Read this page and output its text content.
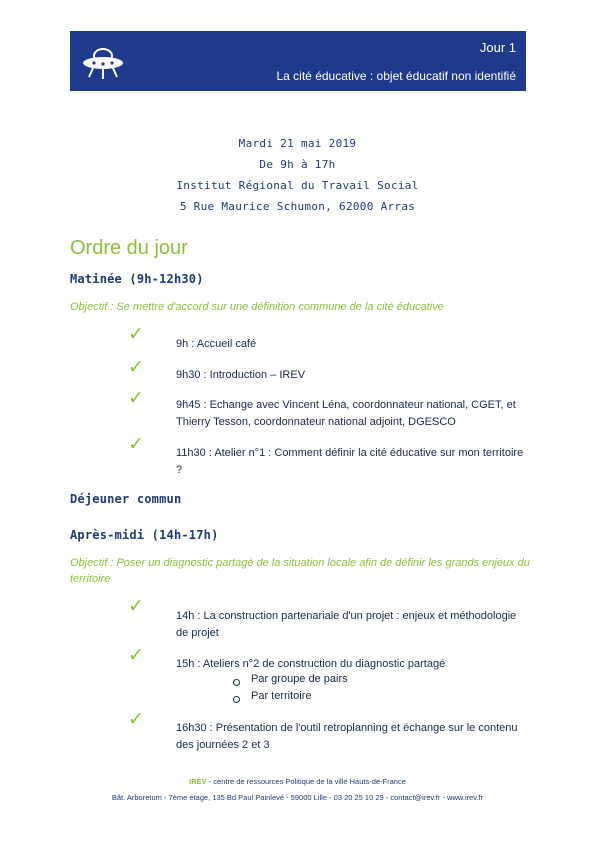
Jour 1
La cité éducative : objet éducatif non identifié
Mardi 21 mai 2019
De 9h à 17h
Institut Régional du Travail Social
5 Rue Maurice Schumon, 62000 Arras
Ordre du jour
Matinée (9h-12h30)
Objectif : Se mettre d'accord sur une définition commune de la cité éducative
✓	9h : Accueil café
✓	9h30 : Introduction – IREV
✓	9h45 : Echange avec Vincent Léna, coordonnateur national, CGET, et Thierry Tesson, coordonnateur national adjoint, DGESCO
✓	11h30 : Atelier n°1 : Comment définir la cité éducative sur mon territoire ?
Déjeuner commun
Après-midi (14h-17h)
Objectif : Poser un diagnostic partagé de la situation locale afin de définir les grands enjeux du territoire
✓	14h : La construction partenariale d'un projet : enjeux et méthodologie de projet
✓	15h : Ateliers n°2 de construction du diagnostic partagé
Par groupe de pairs
Par territoire
✓	16h30 : Présentation de l'outil retroplanning et échange sur le contenu des journées 2 et 3
IREV - centre de ressources Politique de la ville Hauts-de-France
Bât. Arboretum - 7ème étage, 135 Bd Paul Painlevé - 59000 Lille - 03 20 25 10 29 - contact@irev.fr - www.irev.fr
